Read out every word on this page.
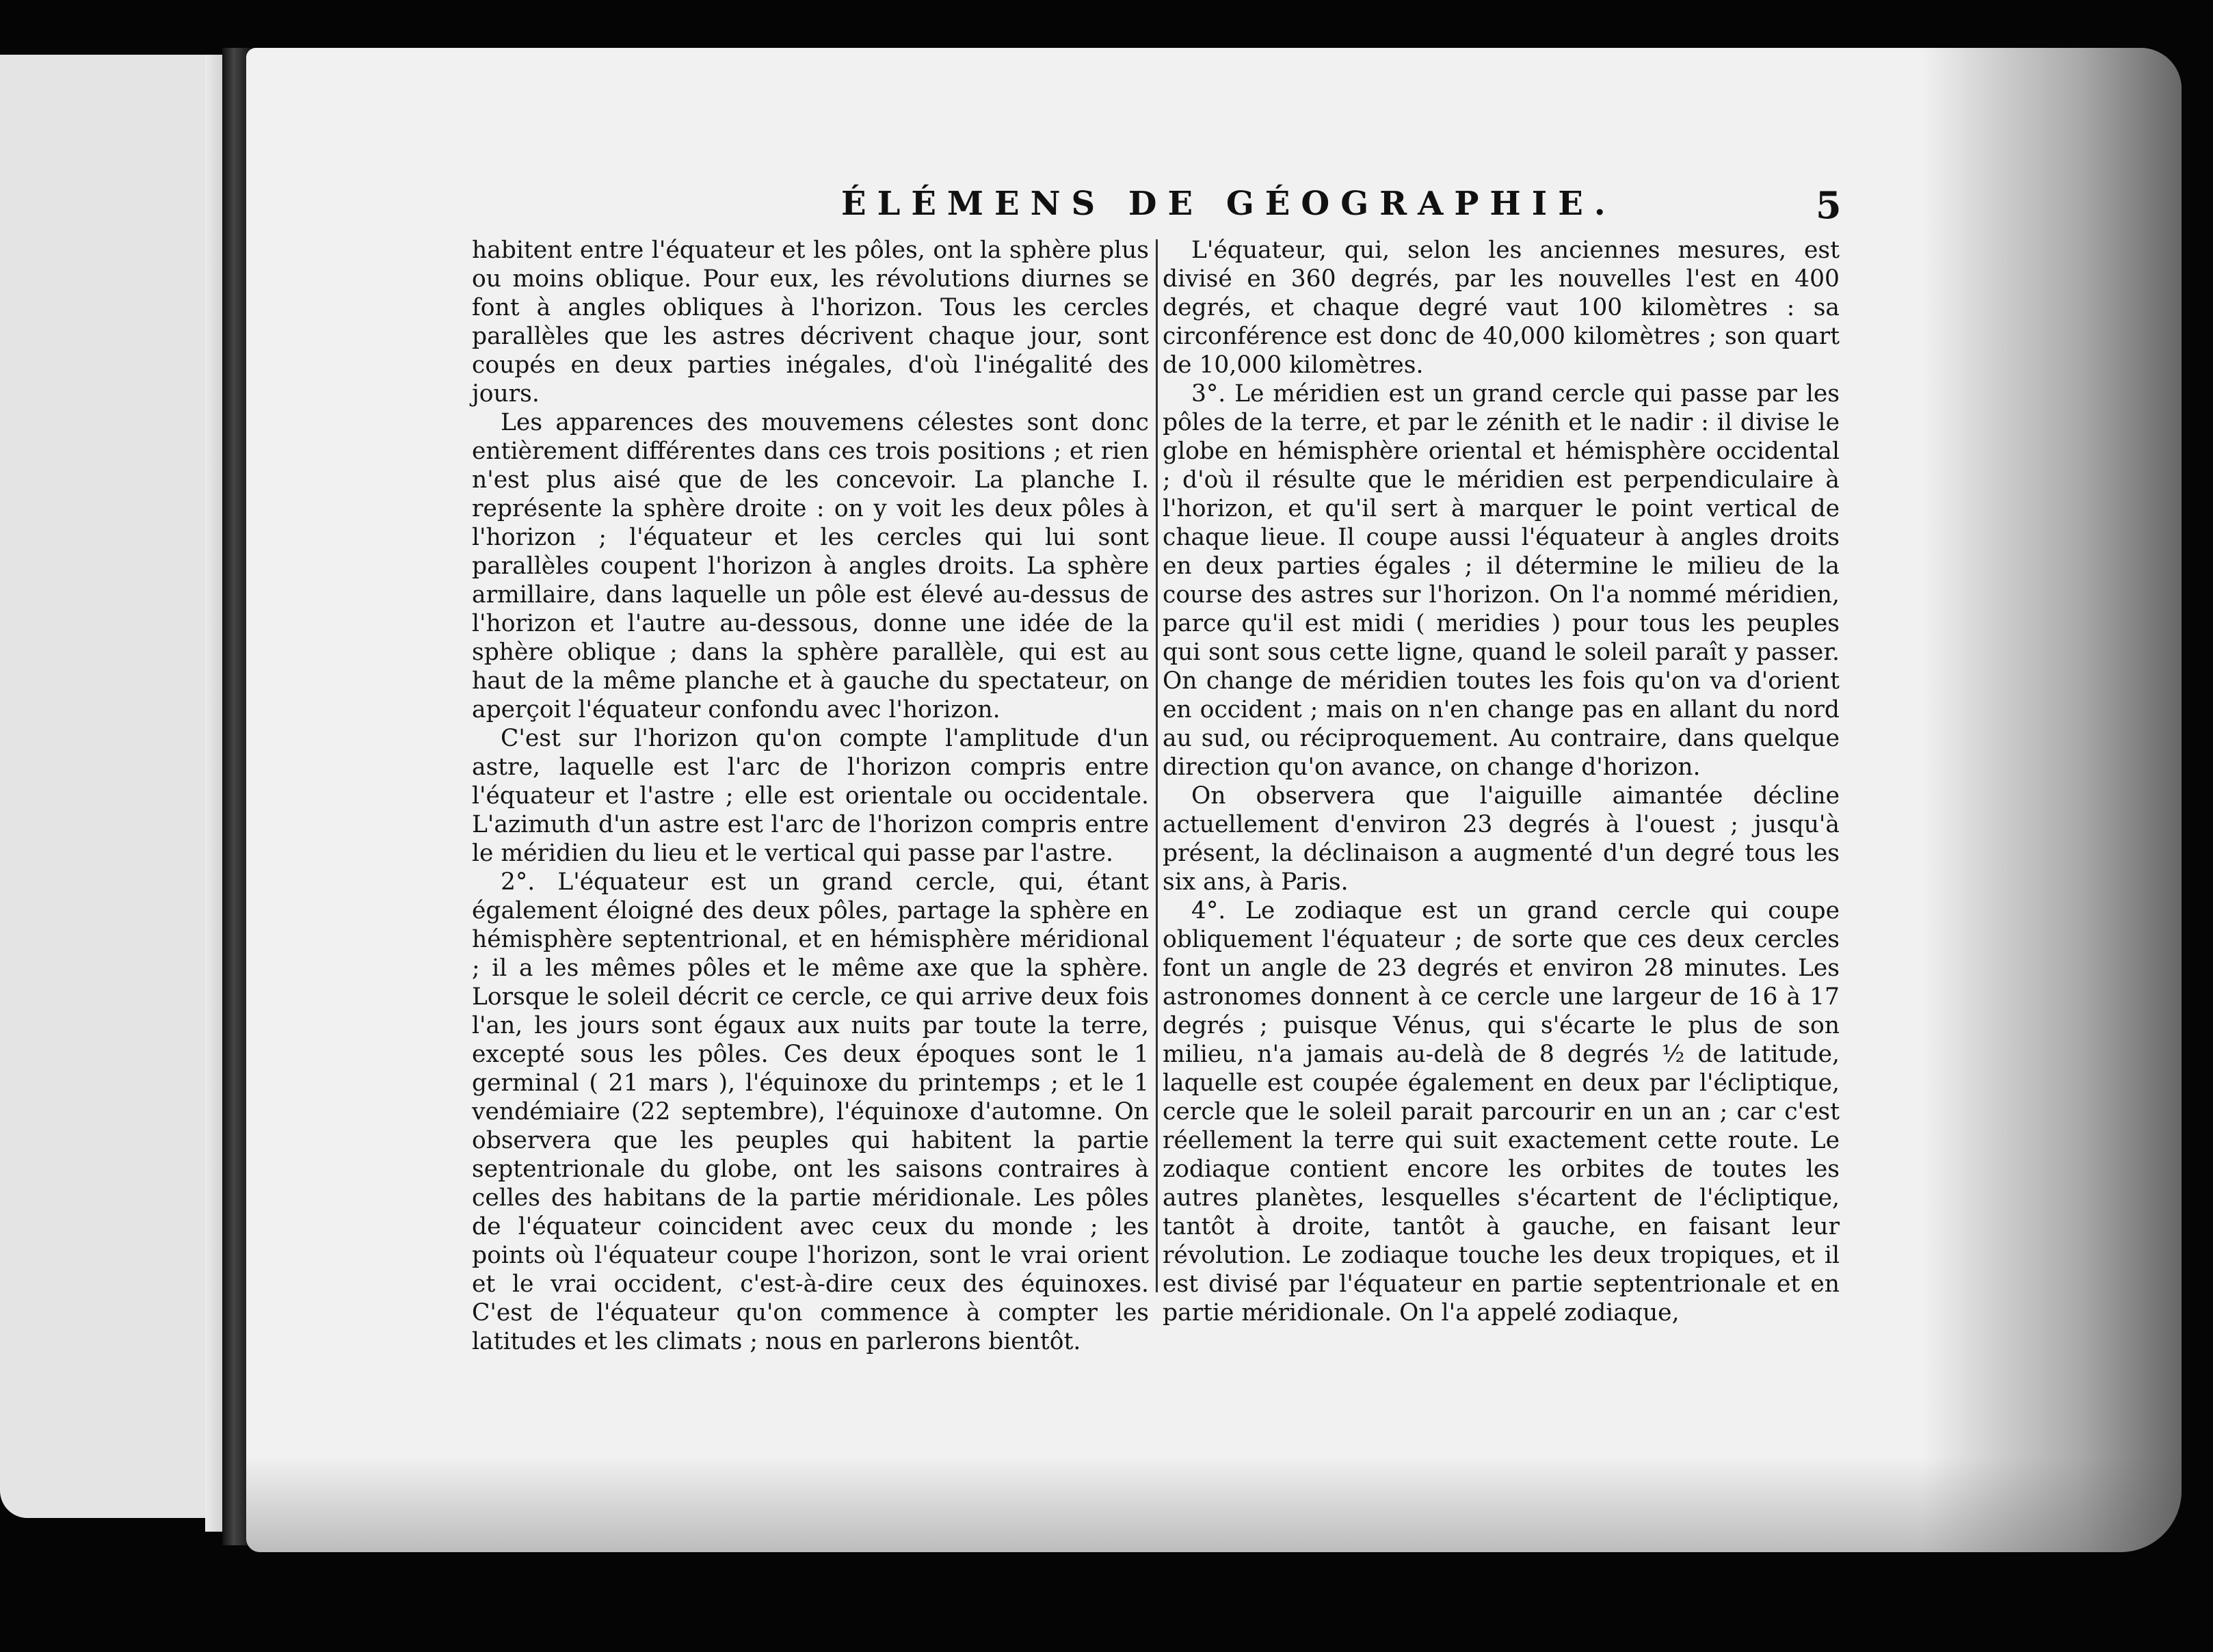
ÉLÉMENS DE GÉOGRAPHIE.	5

habitent entre l'équateur et les pôles, ont la sphère plus ou moins oblique. Pour eux, les révolutions diurnes se font à angles obliques à l'horizon. Tous les cercles parallèles que les astres décrivent chaque jour, sont coupés en deux parties inégales, d'où l'inégalité des jours.

Les apparences des mouvemens célestes sont donc entièrement différentes dans ces trois positions ; et rien n'est plus aisé que de les concevoir. La planche I. représente la sphère droite : on y voit les deux pôles à l'horizon ; l'équateur et les cercles qui lui sont parallèles coupent l'horizon à angles droits. La sphère armillaire, dans laquelle un pôle est élevé au-dessus de l'horizon et l'autre au-dessous, donne une idée de la sphère oblique ; dans la sphère parallèle, qui est au haut de la même planche et à gauche du spectateur, on aperçoit l'équateur confondu avec l'horizon.

C'est sur l'horizon qu'on compte l'amplitude d'un astre, laquelle est l'arc de l'horizon compris entre l'équateur et l'astre ; elle est orientale ou occidentale. L'azimuth d'un astre est l'arc de l'horizon compris entre le méridien du lieu et le vertical qui passe par l'astre.

2°. L'équateur est un grand cercle, qui, étant également éloigné des deux pôles, partage la sphère en hémisphère septentrional, et en hémisphère méridional ; il a les mêmes pôles et le même axe que la sphère. Lorsque le soleil décrit ce cercle, ce qui arrive deux fois l'an, les jours sont égaux aux nuits par toute la terre, excepté sous les pôles. Ces deux époques sont le 1 germinal ( 21 mars ), l'équinoxe du printemps ; et le 1 vendémiaire (22 septembre), l'équinoxe d'automne. On observera que les peuples qui habitent la partie septentrionale du globe, ont les saisons contraires à celles des habitans de la partie méridionale. Les pôles de l'équateur coincident avec ceux du monde ; les points où l'équateur coupe l'horizon, sont le vrai orient et le vrai occident, c'est-à-dire ceux des équinoxes. C'est de l'équateur qu'on commence à compter les latitudes et les climats ; nous en parlerons bientôt.

L'équateur, qui, selon les anciennes mesures, est divisé en 360 degrés, par les nouvelles l'est en 400 degrés, et chaque degré vaut 100 kilomètres : sa circonférence est donc de 40,000 kilomètres ; son quart de 10,000 kilomètres.

3°. Le méridien est un grand cercle qui passe par les pôles de la terre, et par le zénith et le nadir : il divise le globe en hémisphère oriental et hémisphère occidental ; d'où il résulte que le méridien est perpendiculaire à l'horizon, et qu'il sert à marquer le point vertical de chaque lieue. Il coupe aussi l'équateur à angles droits en deux parties égales ; il détermine le milieu de la course des astres sur l'horizon. On l'a nommé méridien, parce qu'il est midi ( meridies ) pour tous les peuples qui sont sous cette ligne, quand le soleil paraît y passer. On change de méridien toutes les fois qu'on va d'orient en occident ; mais on n'en change pas en allant du nord au sud, ou réciproquement. Au contraire, dans quelque direction qu'on avance, on change d'horizon.

On observera que l'aiguille aimantée décline actuellement d'environ 23 degrés à l'ouest ; jusqu'à présent, la déclinaison a augmenté d'un degré tous les six ans, à Paris.

4°. Le zodiaque est un grand cercle qui coupe obliquement l'équateur ; de sorte que ces deux cercles font un angle de 23 degrés et environ 28 minutes. Les astronomes donnent à ce cercle une largeur de 16 à 17 degrés ; puisque Vénus, qui s'écarte le plus de son milieu, n'a jamais au-delà de 8 degrés ½ de latitude, laquelle est coupée également en deux par l'écliptique, cercle que le soleil parait parcourir en un an ; car c'est réellement la terre qui suit exactement cette route. Le zodiaque contient encore les orbites de toutes les autres planètes, lesquelles s'écartent de l'écliptique, tantôt à droite, tantôt à gauche, en faisant leur révolution. Le zodiaque touche les deux tropiques, et il est divisé par l'équateur en partie septentrionale et en partie méridionale. On l'a appelé zodiaque,
